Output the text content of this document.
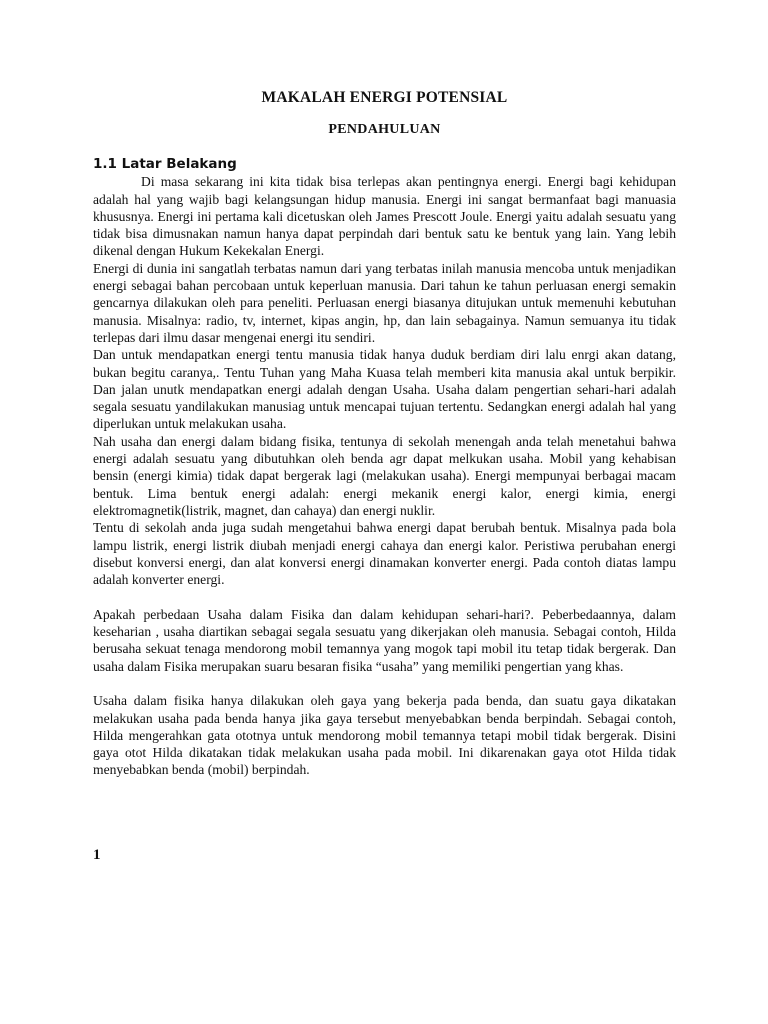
MAKALAH ENERGI POTENSIAL
PENDAHULUAN

1.1 Latar Belakang

Di masa sekarang ini kita tidak bisa terlepas akan pentingnya energi. Energi bagi kehidupan adalah hal yang wajib bagi kelangsungan hidup manusia. Energi ini sangat bermanfaat bagi manuasia khususnya. Energi ini pertama kali dicetuskan oleh James Prescott Joule. Energi yaitu adalah sesuatu yang tidak bisa dimusnakan namun hanya dapat perpindah dari bentuk satu ke bentuk yang lain. Yang lebih dikenal dengan Hukum Kekekalan Energi.

Energi di dunia ini sangatlah terbatas namun dari yang terbatas inilah manusia mencoba untuk menjadikan energi sebagai bahan percobaan untuk keperluan manusia. Dari tahun ke tahun perluasan energi semakin gencarnya dilakukan oleh para peneliti. Perluasan energi biasanya ditujukan untuk memenuhi kebutuhan manusia. Misalnya: radio, tv, internet, kipas angin, hp, dan lain sebagainya. Namun semuanya itu tidak terlepas dari ilmu dasar mengenai energi itu sendiri.

Dan untuk mendapatkan energi tentu manusia tidak hanya duduk berdiam diri lalu enrgi akan datang, bukan begitu caranya,. Tentu Tuhan yang Maha Kuasa telah memberi kita manusia akal untuk berpikir. Dan jalan unutk mendapatkan energi adalah dengan Usaha. Usaha dalam pengertian sehari-hari adalah segala sesuatu yandilakukan manusiag untuk mencapai tujuan tertentu. Sedangkan energi adalah hal yang diperlukan untuk melakukan usaha.

Nah usaha dan energi dalam bidang fisika, tentunya di sekolah menengah anda telah menetahui bahwa energi adalah sesuatu yang dibutuhkan oleh benda agr dapat melkukan usaha. Mobil yang kehabisan bensin (energi kimia) tidak dapat bergerak lagi (melakukan usaha). Energi mempunyai berbagai macam bentuk. Lima bentuk energi adalah: energi mekanik energi kalor, energi kimia, energi elektromagnetik(listrik, magnet, dan cahaya) dan energi nuklir.

Tentu di sekolah anda juga sudah mengetahui bahwa energi dapat berubah bentuk. Misalnya pada bola lampu listrik, energi listrik diubah menjadi energi cahaya dan energi kalor. Peristiwa perubahan energi disebut konversi energi, dan alat konversi energi dinamakan konverter energi. Pada contoh diatas lampu adalah konverter energi.

Apakah perbedaan Usaha dalam Fisika dan dalam kehidupan sehari-hari?. Peberbedaannya, dalam keseharian , usaha diartikan sebagai segala sesuatu yang dikerjakan oleh manusia. Sebagai contoh, Hilda berusaha sekuat tenaga mendorong mobil temannya yang mogok tapi mobil itu tetap tidak bergerak. Dan usaha dalam Fisika merupakan suaru besaran fisika “usaha” yang memiliki pengertian yang khas.

Usaha dalam fisika hanya dilakukan oleh gaya yang bekerja pada benda, dan suatu gaya dikatakan melakukan usaha pada benda hanya jika gaya tersebut menyebabkan benda berpindah. Sebagai contoh, Hilda mengerahkan gata ototnya untuk mendorong mobil temannya tetapi mobil tidak bergerak. Disini gaya otot Hilda dikatakan tidak melakukan usaha pada mobil. Ini dikarenakan gaya otot Hilda tidak menyebabkan benda (mobil) berpindah.

1
